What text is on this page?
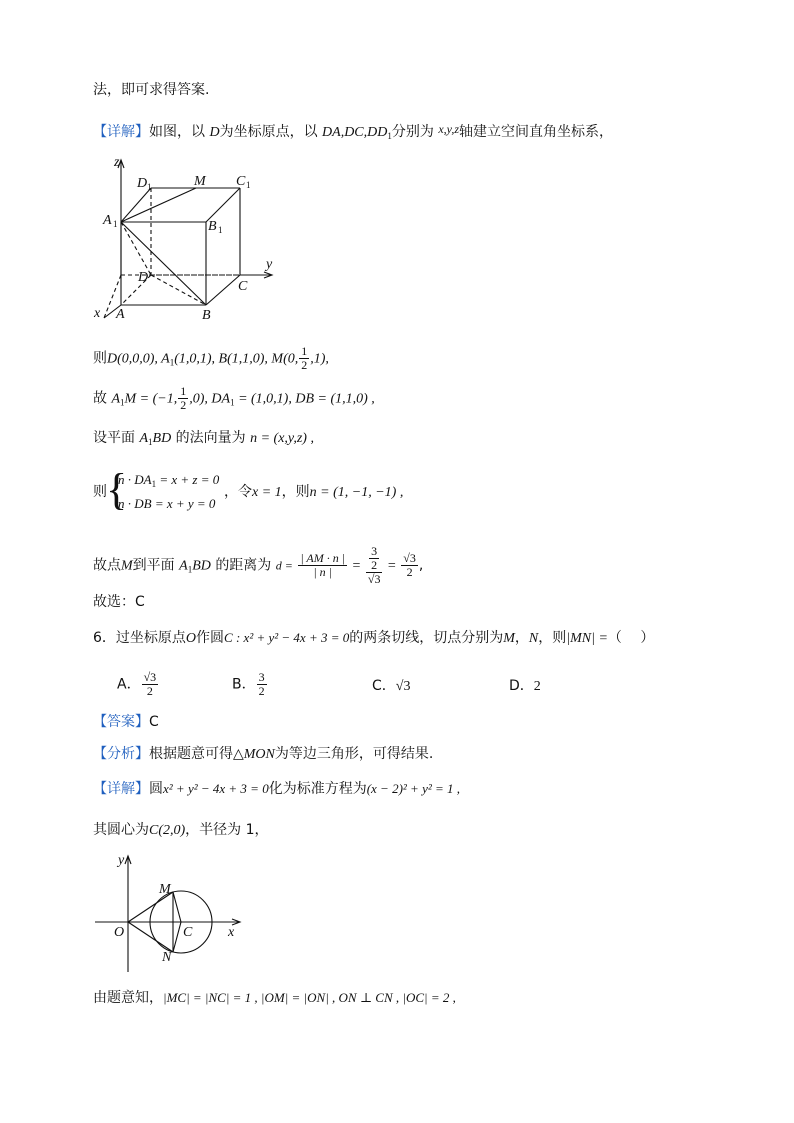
法，即可求得答案.
【详解】如图，以 D为坐标原点，以 $DA,DC,DD_1$分别为 x,y,z轴建立空间直角坐标系，
z
y
x
D 1	M C 1
A 1	B 1
D
C
A	B
则D(0,0,0), $A_1(1,0,1)$, B(1,1,0), M(0, $\frac{1}{2} ,1$),
故 $A_1M = (-1$, $\frac{1}{2} ,0$), $DA_1 = (1,0,1)$, DB = (1,1,0) ,
设平面 $A_1BD$ 的法向量为 n = (x,y,z) ,
则 {
$n \cdot DA_1 = x + z = 0$
n · DB = x + y = 0
，令x = 1，则n = (1, −1, −1) ,
故点M到平面 $A_1BD$ 的距离为 $d = \frac{| AM \cdot n |}{| n |} = \frac{\frac{3}{2}}{√3} = \frac{√3}{2}$ ,
故选：C
6．过坐标原点O作圆C : x² + y² − 4x + 3 = 0的两条切线，切点分别为M，N，则|MN| =（　 ）
A． $\frac{√3}{2}$	B． $\frac{3}{2}$	C．√3	D．2
【答案】C
【分析】根据题意可得△MON为等边三角形，可得结果.
【详解】圆x² + y² − 4x + 3 = 0化为标准方程为(x − 2)² + y² = 1 ,
其圆心为C(2,0)，半径为 1，
y
x
O
M
C
N
由题意知，|MC| = |NC| = 1 , |OM| = |ON| , ON ⊥ CN , |OC| = 2 ,
